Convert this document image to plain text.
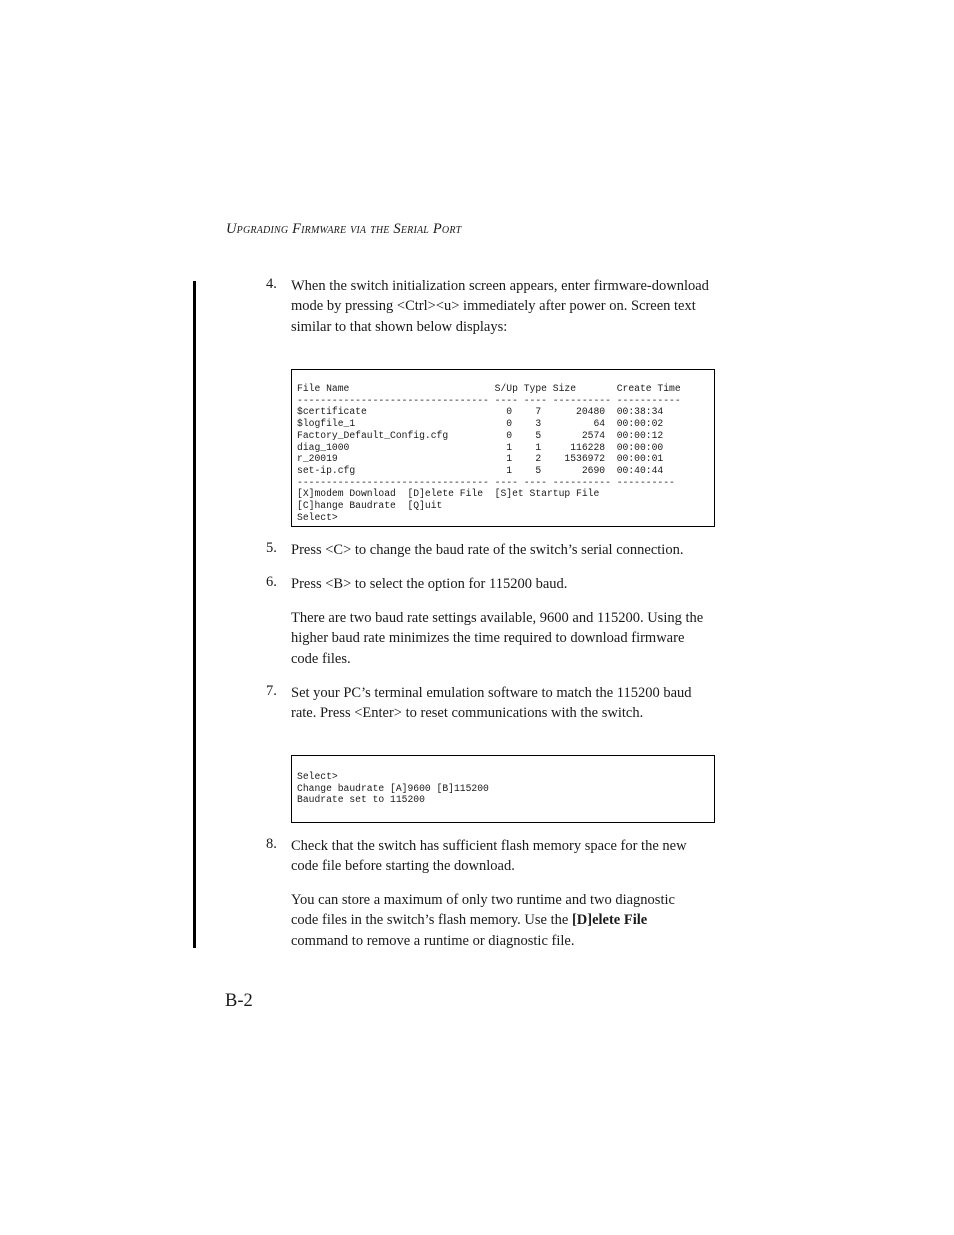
Upgrading Firmware via the Serial Port
4. When the switch initialization screen appears, enter firmware-download mode by pressing <Ctrl><u> immediately after power on. Screen text similar to that shown below displays:
File Name                         S/Up Type Size       Create Time
--------------------------------- ---- ---- ---------- -----------
$certificate                        0    7      20480  00:38:34
$logfile_1                          0    3         64  00:00:02
Factory_Default_Config.cfg          0    5       2574  00:00:12
diag_1000                           1    1     116228  00:00:00
r_20019                             1    2    1536972  00:00:01
set-ip.cfg                          1    5       2690  00:40:44
--------------------------------- ---- ---- ---------- ----------
[X]modem Download  [D]elete File  [S]et Startup File
[C]hange Baudrate  [Q]uit
Select>
5. Press <C> to change the baud rate of the switch’s serial connection.
6. Press <B> to select the option for 115200 baud.
There are two baud rate settings available, 9600 and 115200. Using the higher baud rate minimizes the time required to download firmware code files.
7. Set your PC’s terminal emulation software to match the 115200 baud rate. Press <Enter> to reset communications with the switch.
Select>
Change baudrate [A]9600 [B]115200
Baudrate set to 115200
8. Check that the switch has sufficient flash memory space for the new code file before starting the download.
You can store a maximum of only two runtime and two diagnostic code files in the switch’s flash memory. Use the [D]elete File command to remove a runtime or diagnostic file.
B-2
